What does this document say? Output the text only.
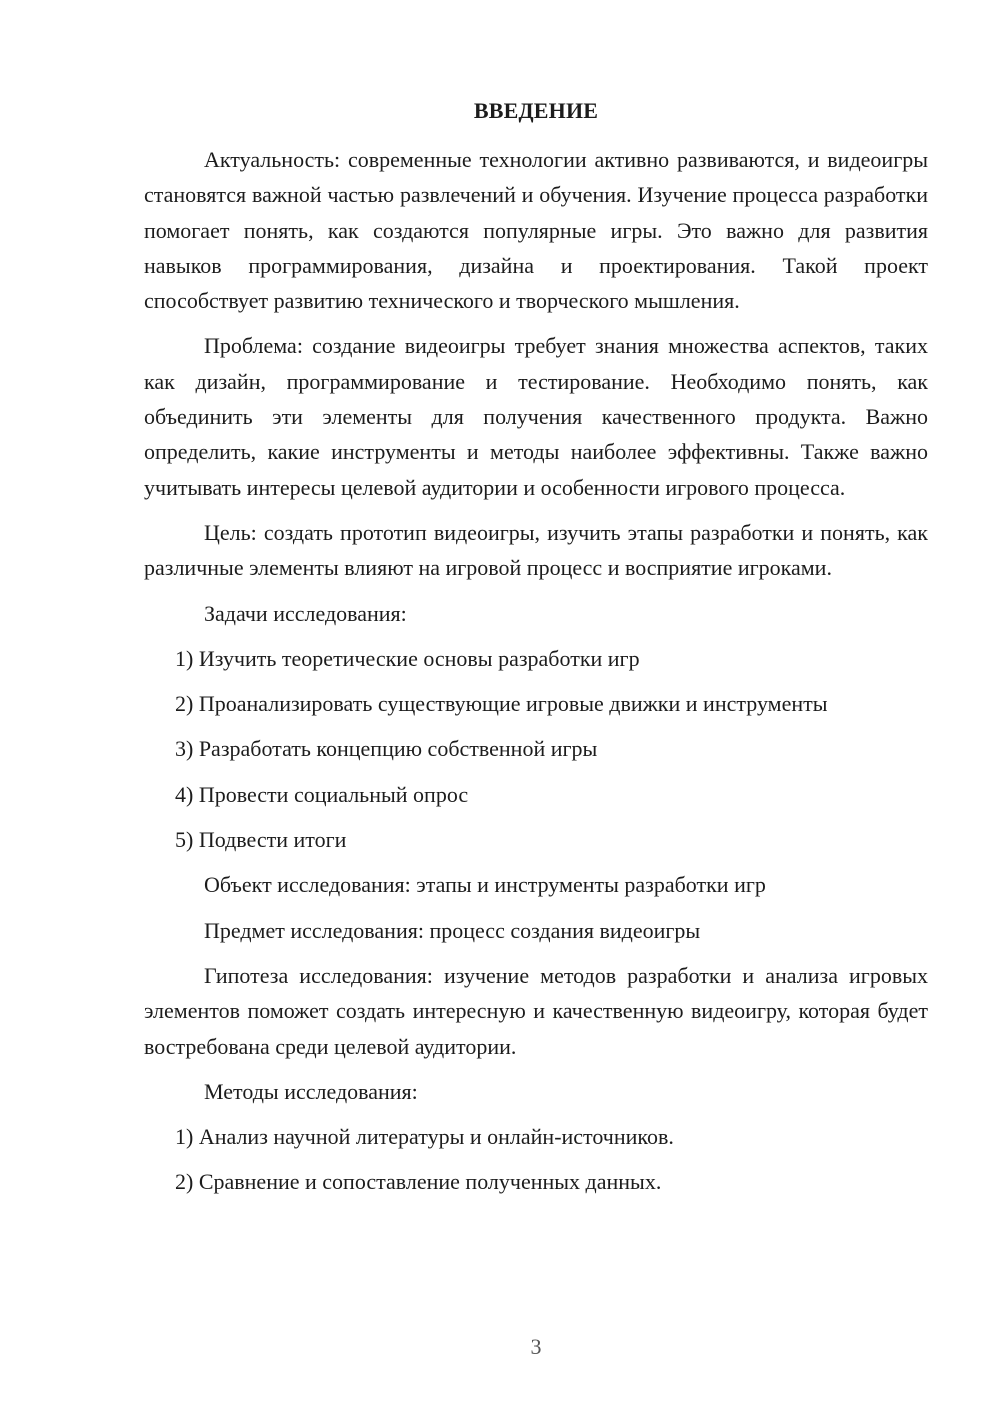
ВВЕДЕНИЕ

Актуальность: современные технологии активно развиваются, и видеоигры становятся важной частью развлечений и обучения. Изучение процесса разработки помогает понять, как создаются популярные игры. Это важно для развития навыков программирования, дизайна и проектирования. Такой проект способствует развитию технического и творческого мышления.

Проблема: создание видеоигры требует знания множества аспектов, таких как дизайн, программирование и тестирование. Необходимо понять, как объединить эти элементы для получения качественного продукта. Важно определить, какие инструменты и методы наиболее эффективны. Также важно учитывать интересы целевой аудитории и особенности игрового процесса.

Цель: создать прототип видеоигры, изучить этапы разработки и понять, как различные элементы влияют на игровой процесс и восприятие игроками.

Задачи исследования:

1) Изучить теоретические основы разработки игр

2) Проанализировать существующие игровые движки и инструменты

3) Разработать концепцию собственной игры

4) Провести социальный опрос

5) Подвести итоги

Объект исследования: этапы и инструменты разработки игр

Предмет исследования: процесс создания видеоигры

Гипотеза исследования: изучение методов разработки и анализа игровых элементов поможет создать интересную и качественную видеоигру, которая будет востребована среди целевой аудитории.

Методы исследования:

1) Анализ научной литературы и онлайн-источников.

2) Сравнение и сопоставление полученных данных.

3
